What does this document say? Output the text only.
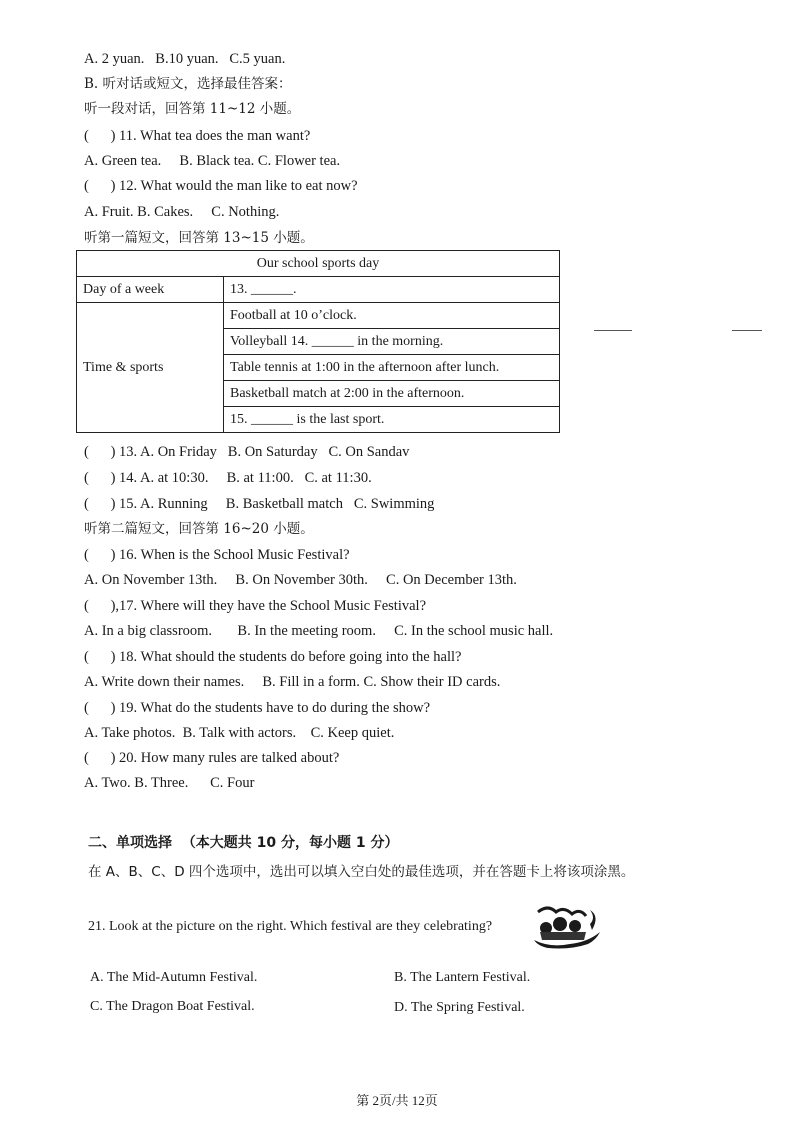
A. 2 yuan.   B.10 yuan.   C.5 yuan.
B. 听对话或短文，选择最佳答案：
听一段对话，回答第 11~12 小题。
(      ) 11. What tea does the man want?
A. Green tea.     B. Black tea. C. Flower tea.
(      ) 12. What would the man like to eat now?
A. Fruit. B. Cakes.     C. Nothing.
听第一篇短文，回答第 13~15 小题。
Our school sports day	
Day of a week	13. ______.
Time & sports	Football at 10 o’clock.
	Volleyball 14. ______ in the morning.
	Table tennis at 1:00 in the afternoon after lunch.
	Basketball match at 2:00 in the afternoon.
	15. ______ is the last sport.
(      ) 13. A. On Friday   B. On Saturday   C. On Sandav
(      ) 14. A. at 10:30.     B. at 11:00.   C. at 11:30.
(      ) 15. A. Running     B. Basketball match   C. Swimming
听第二篇短文，回答第 16~20 小题。
(      ) 16. When is the School Music Festival?
A. On November 13th.     B. On November 30th.     C. On December 13th.
(      ),17. Where will they have the School Music Festival?
A. In a big classroom.       B. In the meeting room.     C. In the school music hall.
(      ) 18. What should the students do before going into the hall?
A. Write down their names.     B. Fill in a form. C. Show their ID cards.
(      ) 19. What do the students have to do during the show?
A. Take photos.  B. Talk with actors.    C. Keep quiet.
(      ) 20. How many rules are talked about?
A. Two. B. Three.      C. Four
二、单项选择  （本大题共 10 分，每小题 1 分）
在 A、B、C、D 四个选项中，选出可以填入空白处的最佳选项，并在答题卡上将该项涂黑。
21. Look at the picture on the right. Which festival are they celebrating?
A. The Mid-Autumn Festival.	B. The Lantern Festival.
C. The Dragon Boat Festival.	D. The Spring Festival.
第 2页/共 12页
